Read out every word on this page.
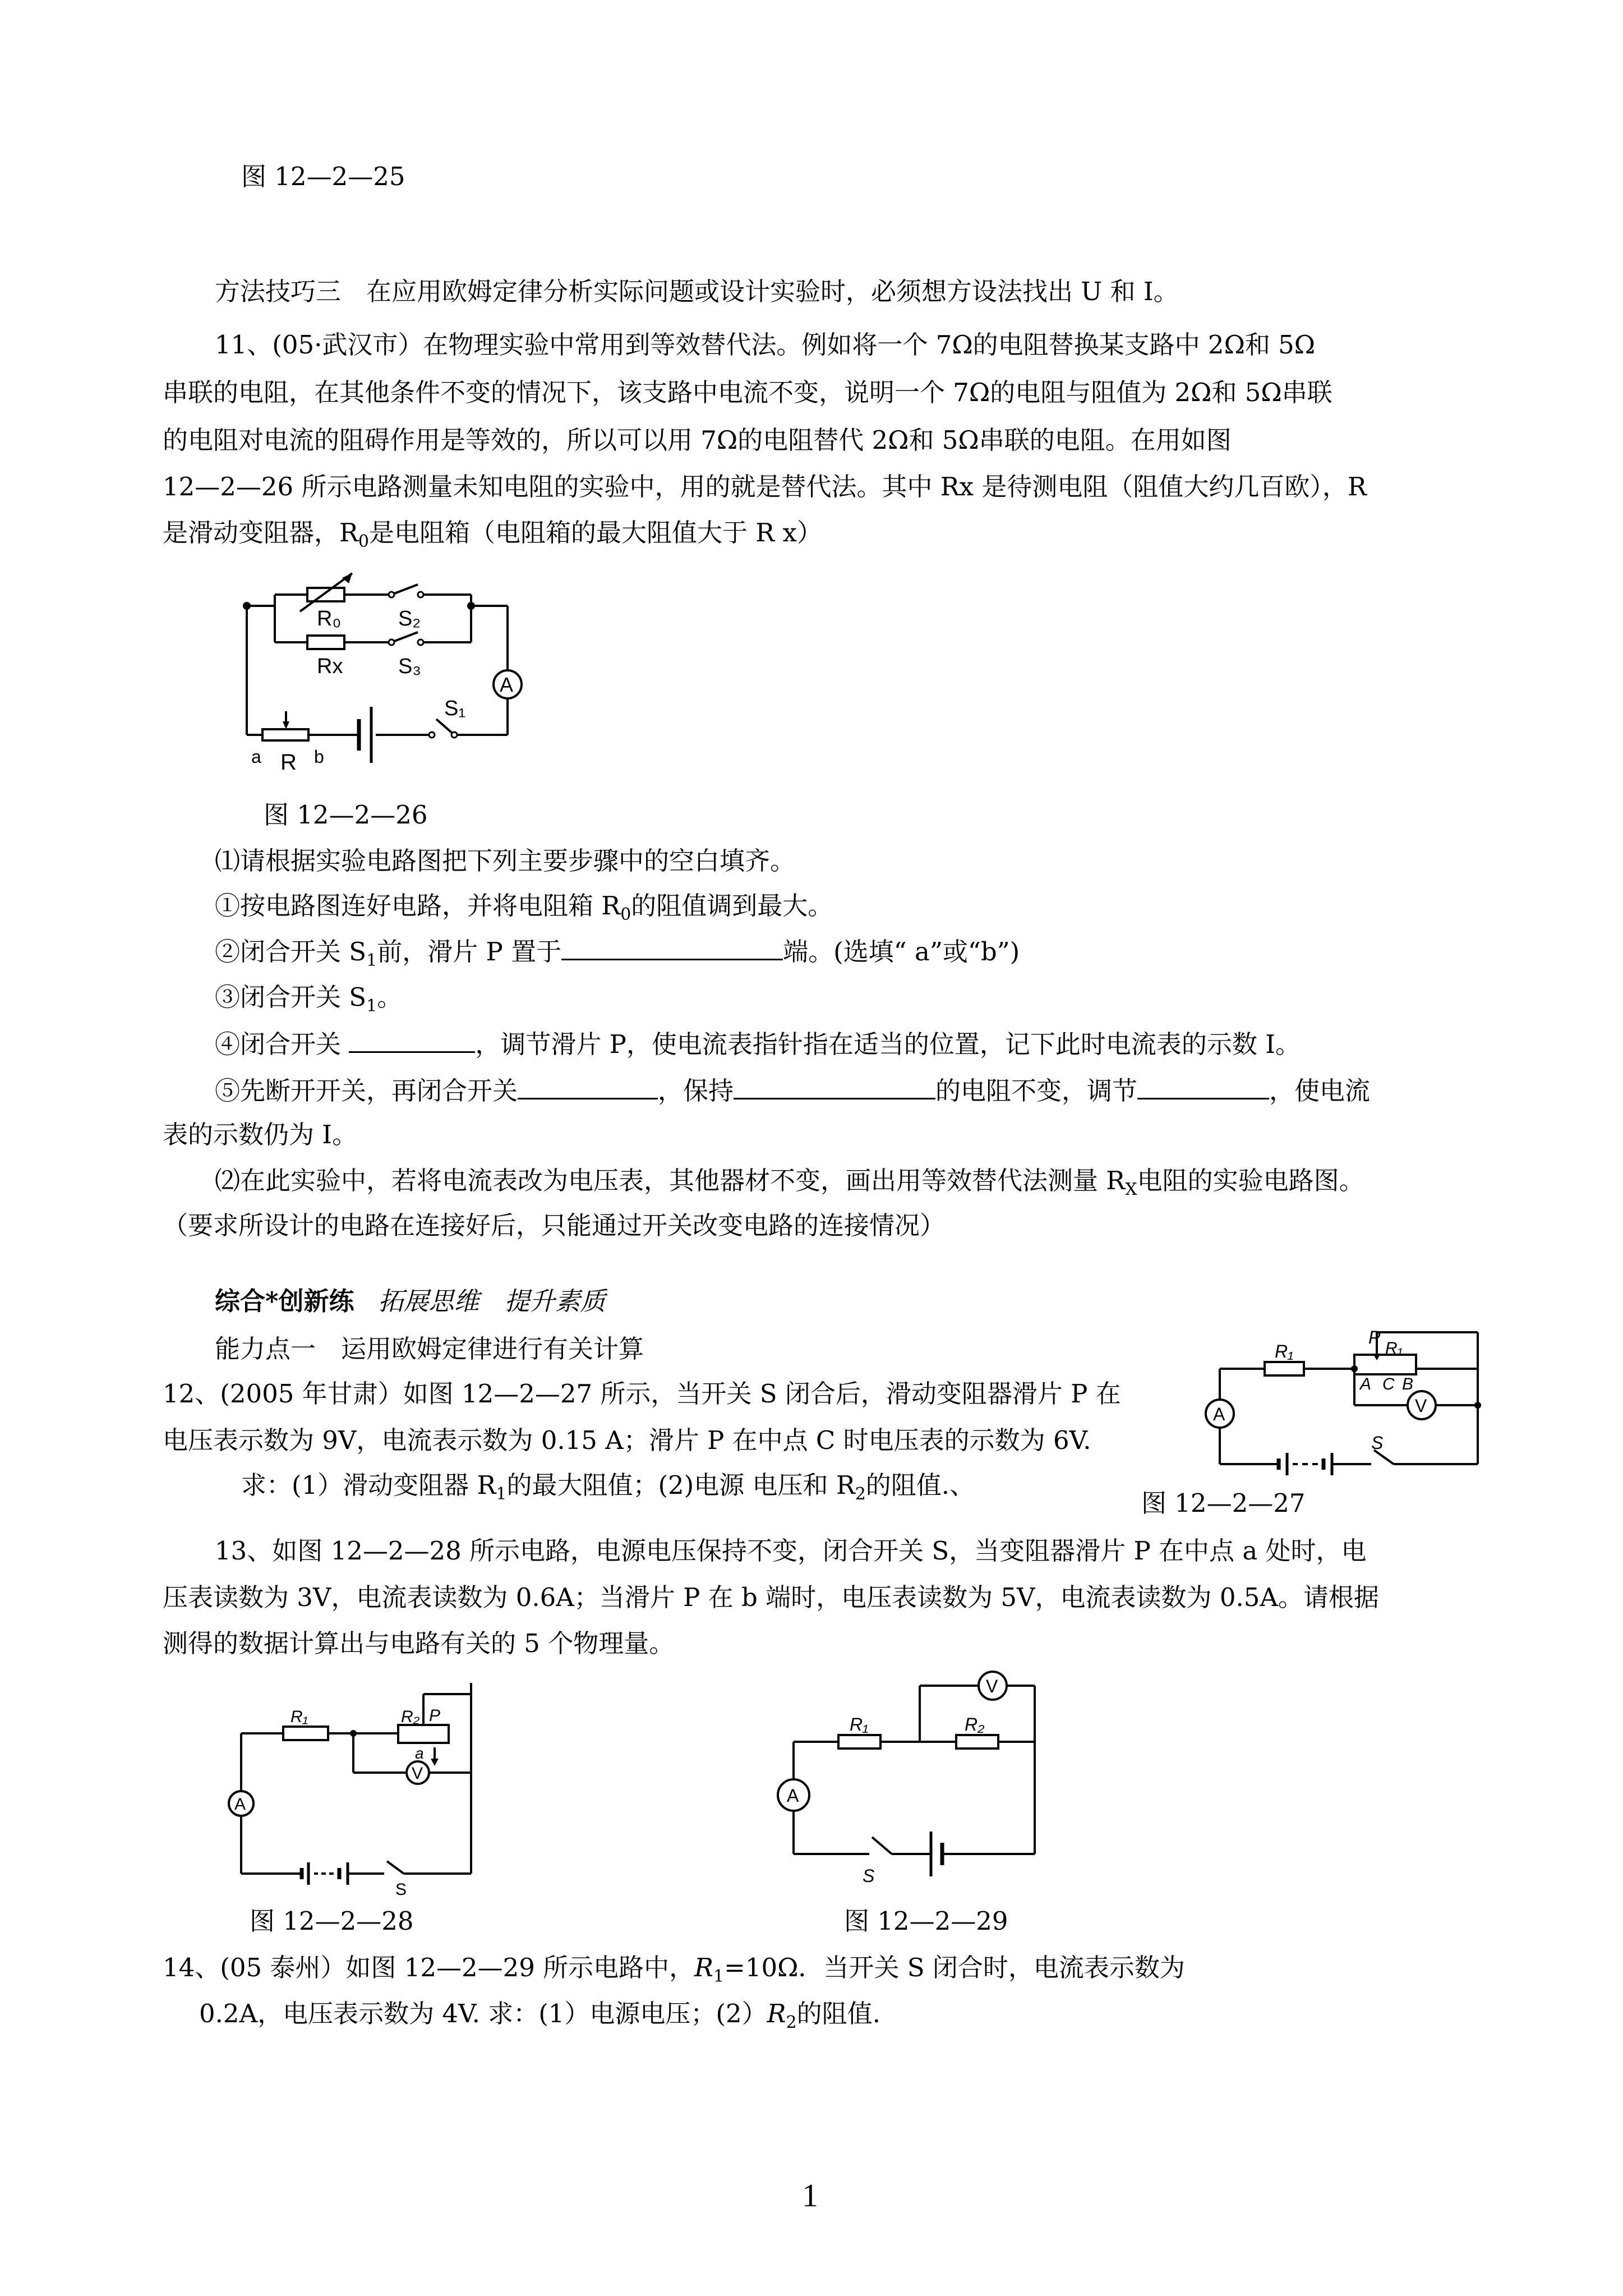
图 12—2—25
方法技巧三　在应用欧姆定律分析实际问题或设计实验时，必须想方设法找出 U 和 I。
11、(05·武汉市）在物理实验中常用到等效替代法。例如将一个 7Ω的电阻替换某支路中 2Ω和 5Ω
串联的电阻，在其他条件不变的情况下，该支路中电流不变，说明一个 7Ω的电阻与阻值为 2Ω和 5Ω串联
的电阻对电流的阻碍作用是等效的，所以可以用 7Ω的电阻替代 2Ω和 5Ω串联的电阻。在用如图
12—2—26 所示电路测量未知电阻的实验中，用的就是替代法。其中 Rx 是待测电阻（阻值大约几百欧），R
是滑动变阻器，$R_0$是电阻箱（电阻箱的最大阻值大于 R x）
R₀	S₂
Rx	S₃
A
S₁
a R b
图 12—2—26
⑴请根据实验电路图把下列主要步骤中的空白填齐。
①按电路图连好电路，并将电阻箱 $R_0$的阻值调到最大。
②闭合开关 $S_1$前，滑片 P 置于	端。(选填“ a”或“b”)
③闭合开关 $S_1$。
④闭合开关	，调节滑片 P，使电流表指针指在适当的位置，记下此时电流表的示数 I。
⑤先断开开关，再闭合开关	，保持	的电阻不变，调节	，使电流
表的示数仍为 I。
⑵在此实验中，若将电流表改为电压表，其他器材不变，画出用等效替代法测量 $R_X$电阻的实验电路图。
（要求所设计的电路在连接好后，只能通过开关改变电路的连接情况）
综合*创新练 拓展思维　提升素质
能力点一　运用欧姆定律进行有关计算
12、(2005 年甘肃）如图 12—2—27 所示，当开关 S 闭合后，滑动变阻器滑片 P 在
电压表示数为 9V，电流表示数为 0.15 A；滑片 P 在中点 C 时电压表的示数为 6V.
求：(1）滑动变阻器 $R_1$的最大阻值；(2)电源 电压和 $R_2$的阻值.、
R₁
P
R₁
A C B
A	V
S
图 12—2—27
13、如图 12—2—28 所示电路，电源电压保持不变，闭合开关 S，当变阻器滑片 P 在中点 a 处时，电
压表读数为 3V，电流表读数为 0.6A；当滑片 P 在 b 端时，电压表读数为 5V，电流表读数为 0.5A。请根据
测得的数据计算出与电路有关的 5 个物理量。
R₁	R₂ P
a
A
V
S
R₁	R₂
A
V
S
图 12—2—28	图 12—2—29
14、(05 泰州）如图 12—2—29 所示电路中，$R_1=10\Omega$．当开关 S 闭合时，电流表示数为
0.2A，电压表示数为 4V. 求：(1）电源电压；$(2)R_2$的阻值.
1
